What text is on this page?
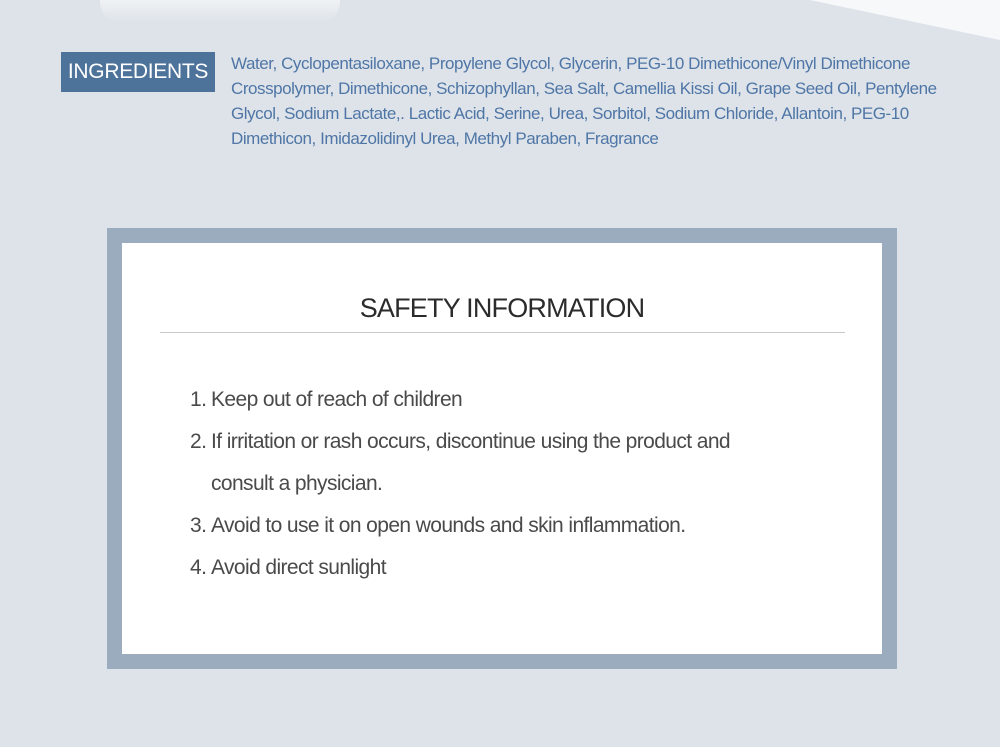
INGREDIENTS	Water, Cyclopentasiloxane, Propylene Glycol, Glycerin, PEG-10 Dimethicone/Vinyl Dimethicone Crosspolymer, Dimethicone, Schizophyllan, Sea Salt, Camellia Kissi Oil, Grape Seed Oil, Pentylene Glycol, Sodium Lactate,. Lactic Acid, Serine, Urea, Sorbitol, Sodium Chloride, Allantoin, PEG-10 Dimethicon, Imidazolidinyl Urea, Methyl Paraben, Fragrance

SAFETY INFORMATION
1. Keep out of reach of children
2. If irritation or rash occurs, discontinue using the product and consult a physician.
3. Avoid to use it on open wounds and skin inflammation.
4. Avoid direct sunlight
